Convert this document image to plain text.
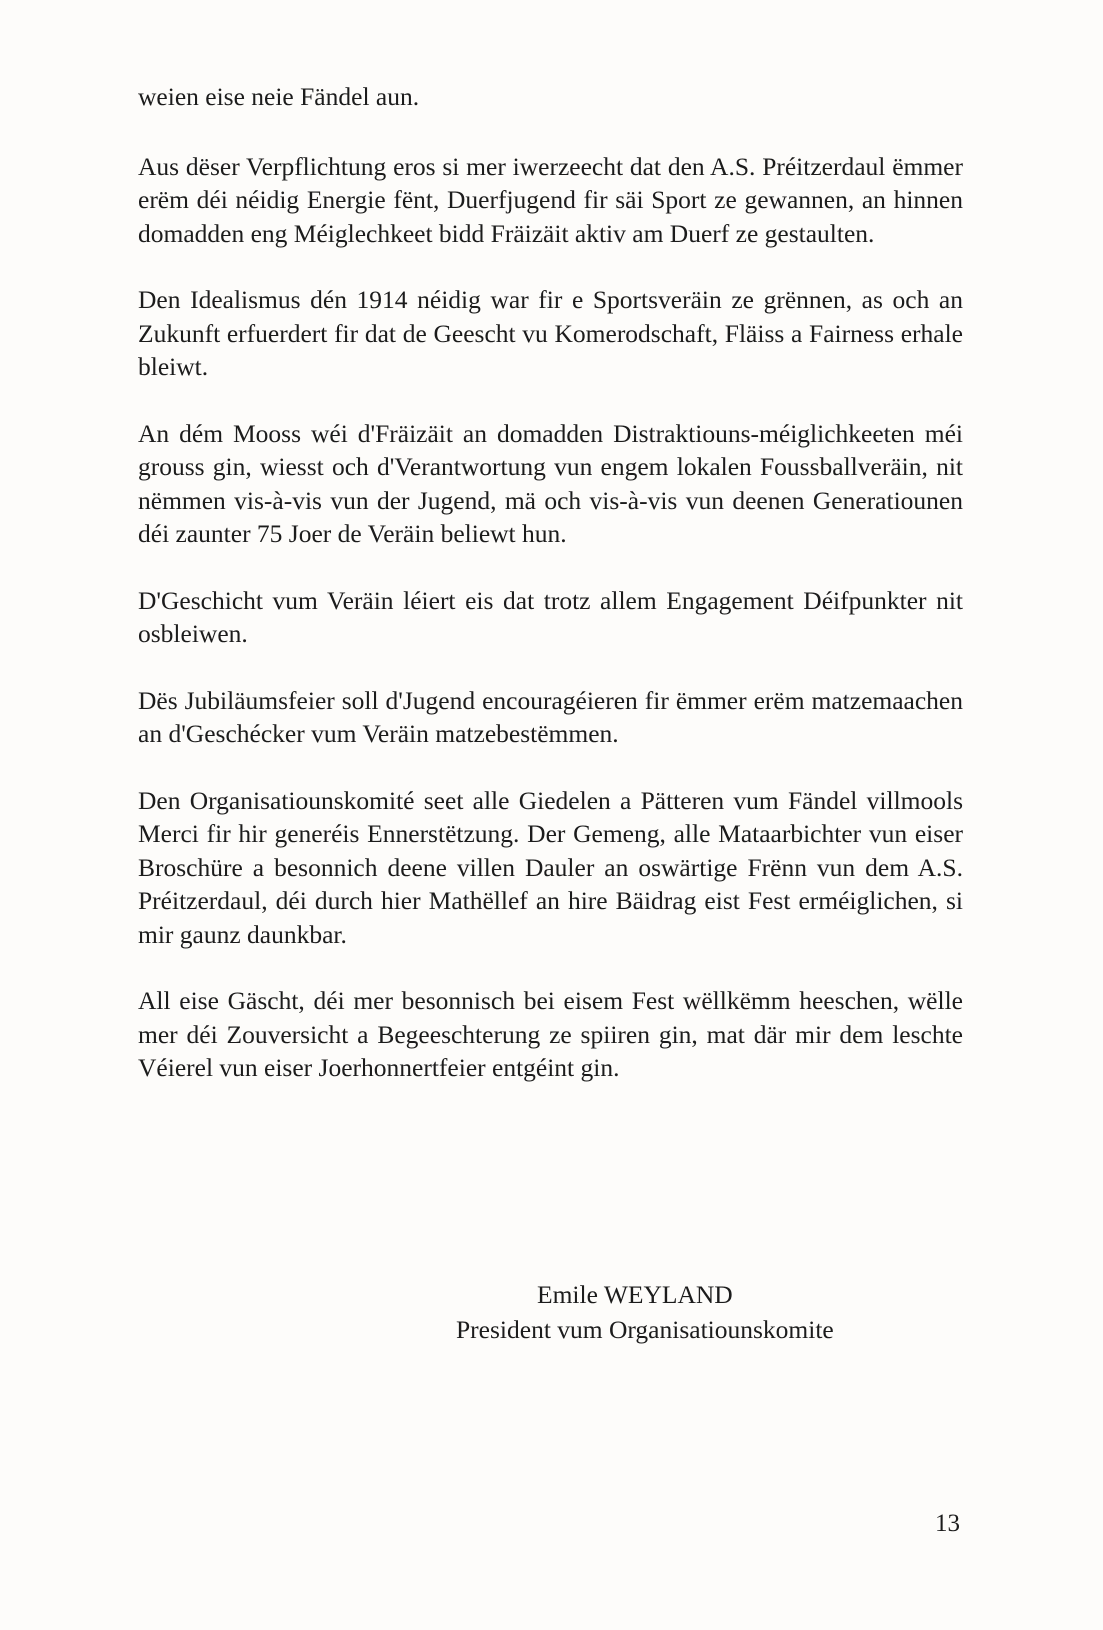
weien eise neie Fändel aun.

Aus dëser Verpflichtung eros si mer iwerzeecht dat den A.S. Préitzerdaul ëmmer erëm déi néidig Energie fënt, Duerfjugend fir säi Sport ze gewannen, an hinnen domadden eng Méiglechkeet bidd Fräizäit aktiv am Duerf ze gestaulten.

Den Idealismus dén 1914 néidig war fir e Sportsveräin ze grënnen, as och an Zukunft erfuerdert fir dat de Geescht vu Komerodschaft, Fläiss a Fairness erhale bleiwt.

An dém Mooss wéi d'Fräizäit an domadden Distraktiouns-méiglichkeeten méi grouss gin, wiesst och d'Verantwortung vun engem lokalen Foussballveräin, nit nëmmen vis-à-vis vun der Jugend, mä och vis-à-vis vun deenen Generatiounen déi zaunter 75 Joer de Veräin beliewt hun.

D'Geschicht vum Veräin léiert eis dat trotz allem Engagement Déifpunkter nit osbleiwen.

Dës Jubiläumsfeier soll d'Jugend encouragéieren fir ëmmer erëm matzemaachen an d'Geschécker vum Veräin matzebestëmmen.

Den Organisatiounskomité seet alle Giedelen a Pätteren vum Fändel villmools Merci fir hir generéis Ennerstëtzung. Der Gemeng, alle Mataarbichter vun eiser Broschüre a besonnich deene villen Dauler an oswärtige Frënn vun dem A.S. Préitzerdaul, déi durch hier Mathëllef an hire Bäidrag eist Fest erméiglichen, si mir gaunz daunkbar.

All eise Gäscht, déi mer besonnisch bei eisem Fest wëllkëmm heeschen, wëlle mer déi Zouversicht a Begeeschterung ze spiiren gin, mat där mir dem leschte Véierel vun eiser Joerhonnertfeier entgéint gin.

Emile WEYLAND
President vum Organisatiounskomite
13
